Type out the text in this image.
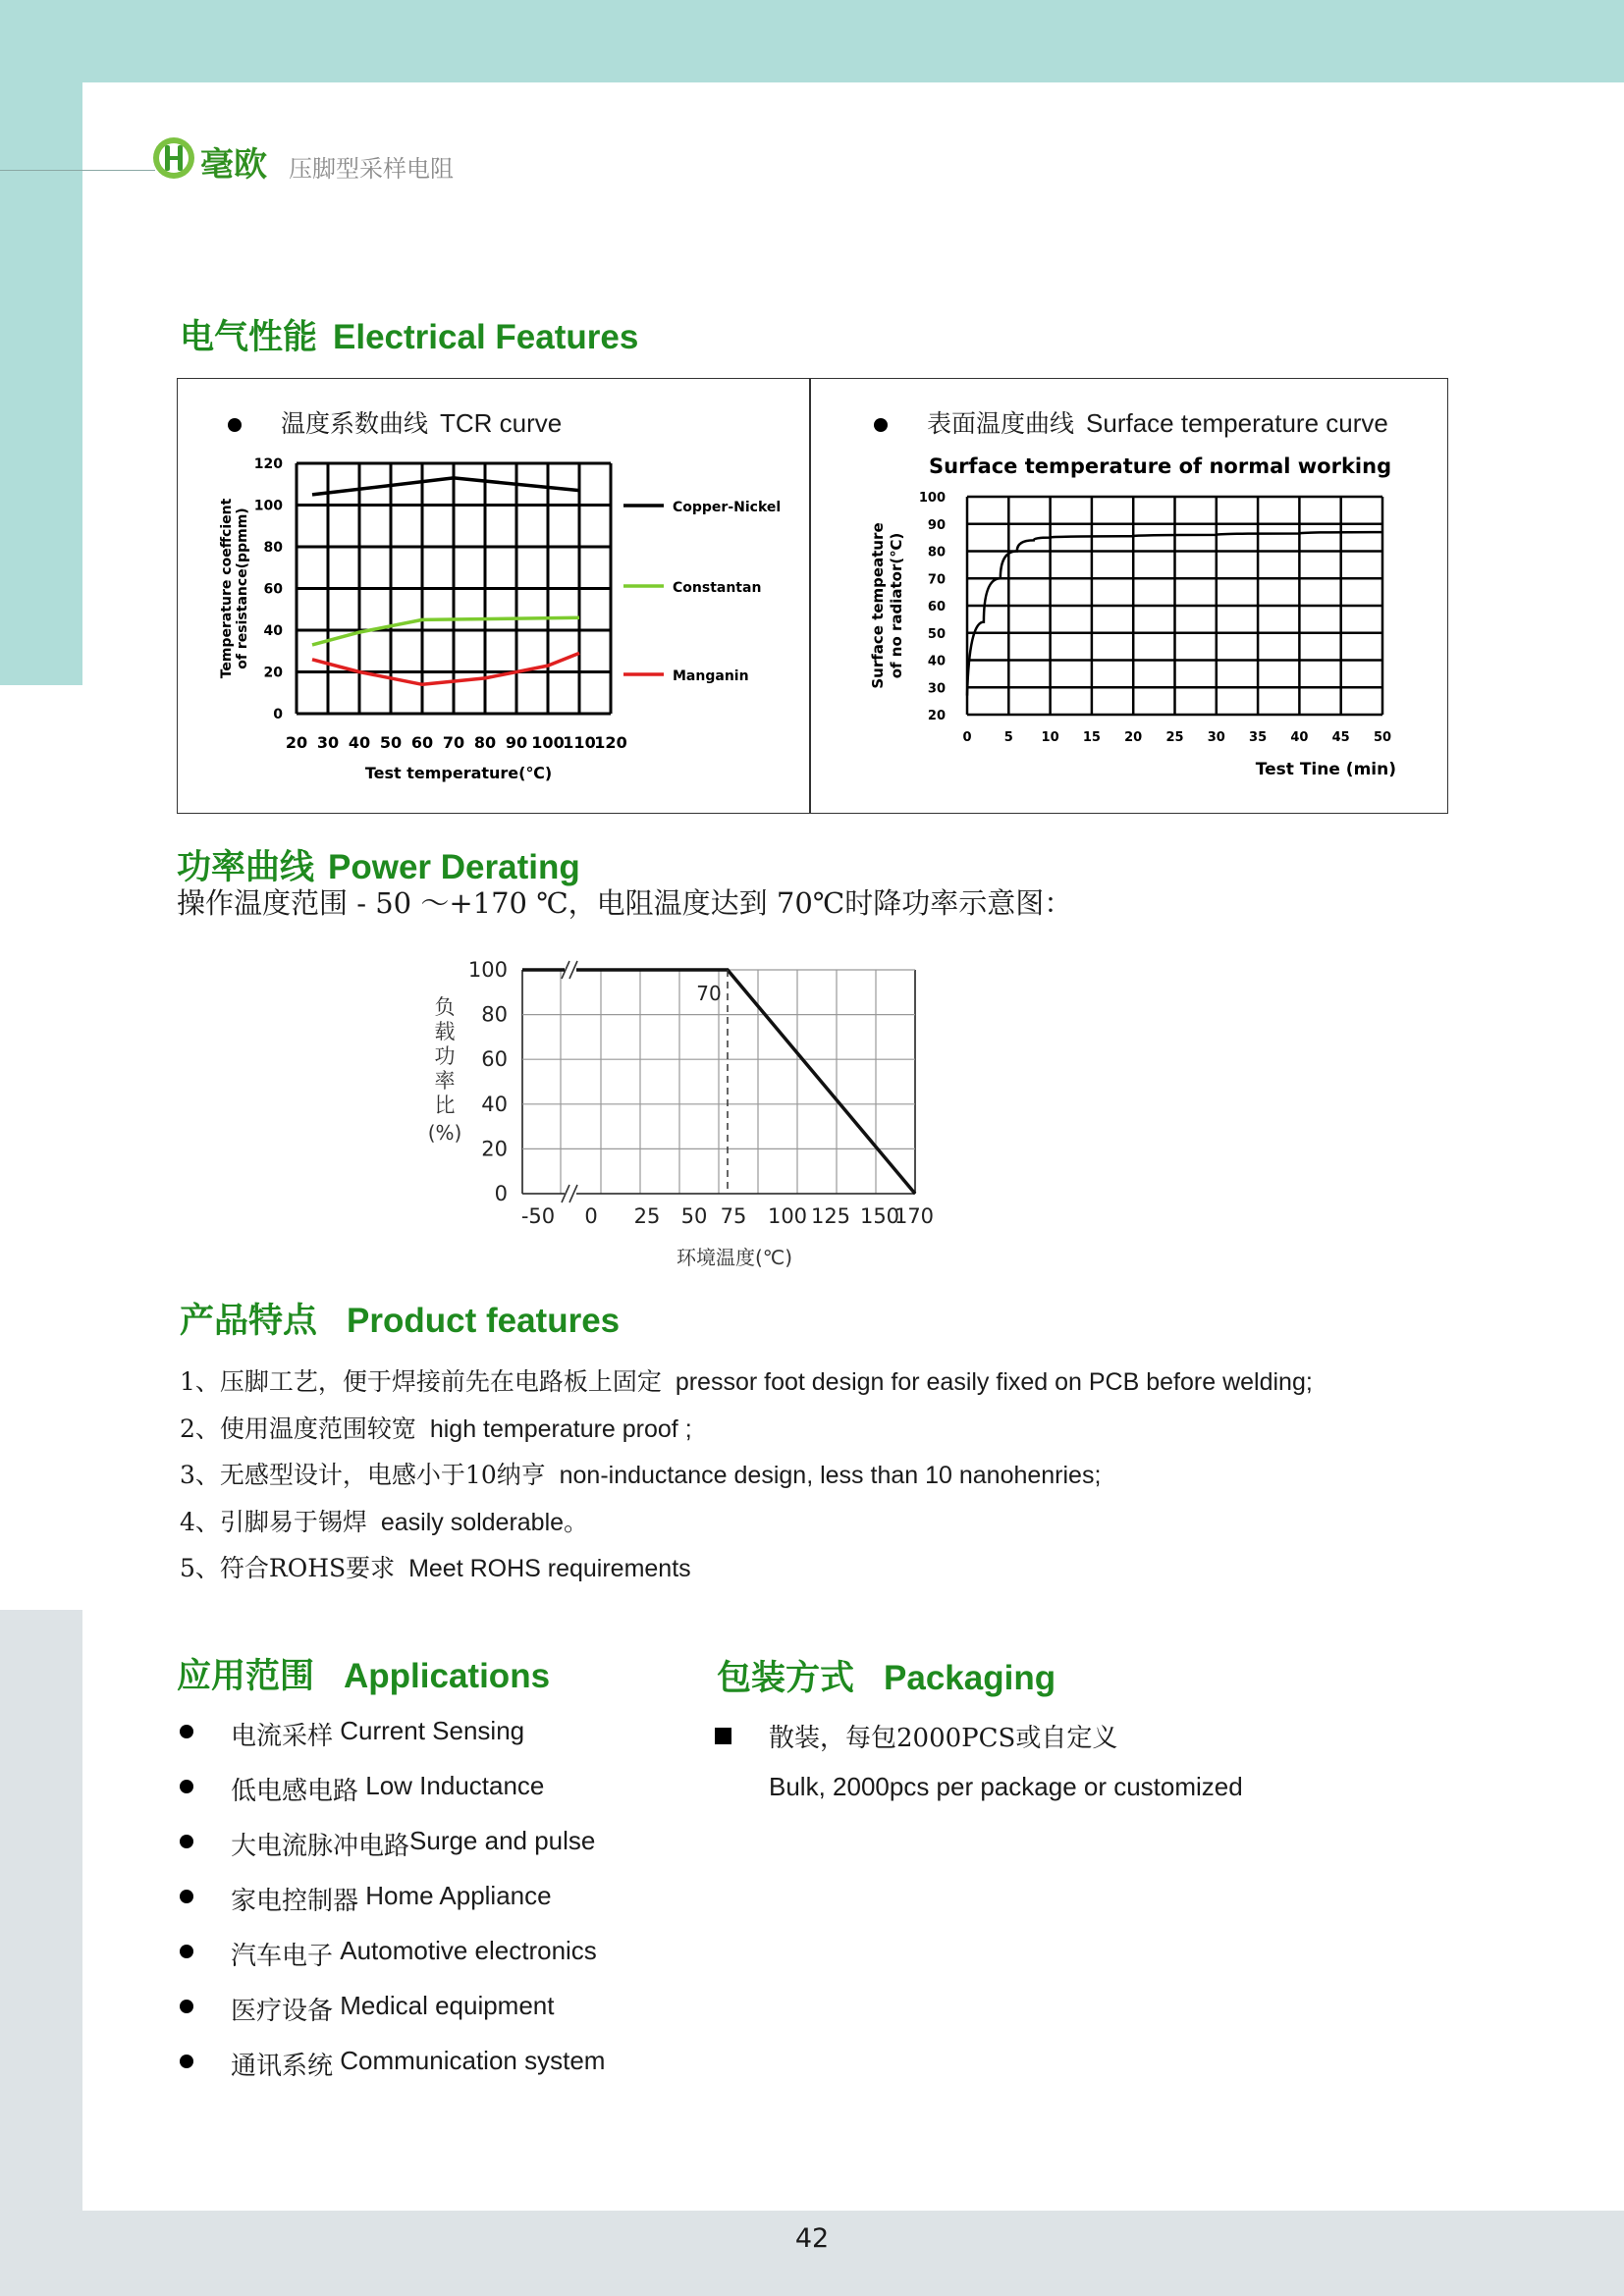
毫欧 压脚型采样电阻
电气性能 Electrical Features
温度系数曲线 TCR curve	表面温度曲线 Surface temperature curve
20 30 40 50 60 70 80 90 100
110
120
0
20
40
60
80
100
120
Test temperature(℃)
Temperature coeffcient of resistance(ppmm)
Copper-Nickel
Constantan
Manganin
0	5 10 15 20 25 30 35 40 45 50
20
30
40
50
60
70
80
90
100
Surface temperature of normal working
Test Tine (min)
Surface tempeature of no radiator(℃)
70
-50 0 25 50 75 100 125 150
170
0
20
40
60
80
100
环境温度(℃)
负
载
功
率
比
(%)
功率曲线 Power Derating
操作温度范围 - 50 ～+170 ℃，电阻温度达到 70℃时降功率示意图：
产品特点 Product features
1、压脚工艺，便于焊接前先在电路板上固定 pressor foot design for easily fixed on PCB before welding;
2、使用温度范围较宽 high temperature proof ;
3、无感型设计，电感小于10纳亨 non-inductance design, less than 10 nanohenries;
4、引脚易于锡焊 easily solderable。
5、符合ROHS要求 Meet ROHS requirements
应用范围 Applications
电流采样
Current Sensing
低电感电路
Low Inductance
大电流脉冲电路 Surge and pulse
家电控制器
Home Appliance
汽车电子
Automotive electronics
医疗设备
Medical equipment
通讯系统
Communication system
包装方式 Packaging
散装，每包2000PCS或自定义
Bulk, 2000pcs per package or customized
42
